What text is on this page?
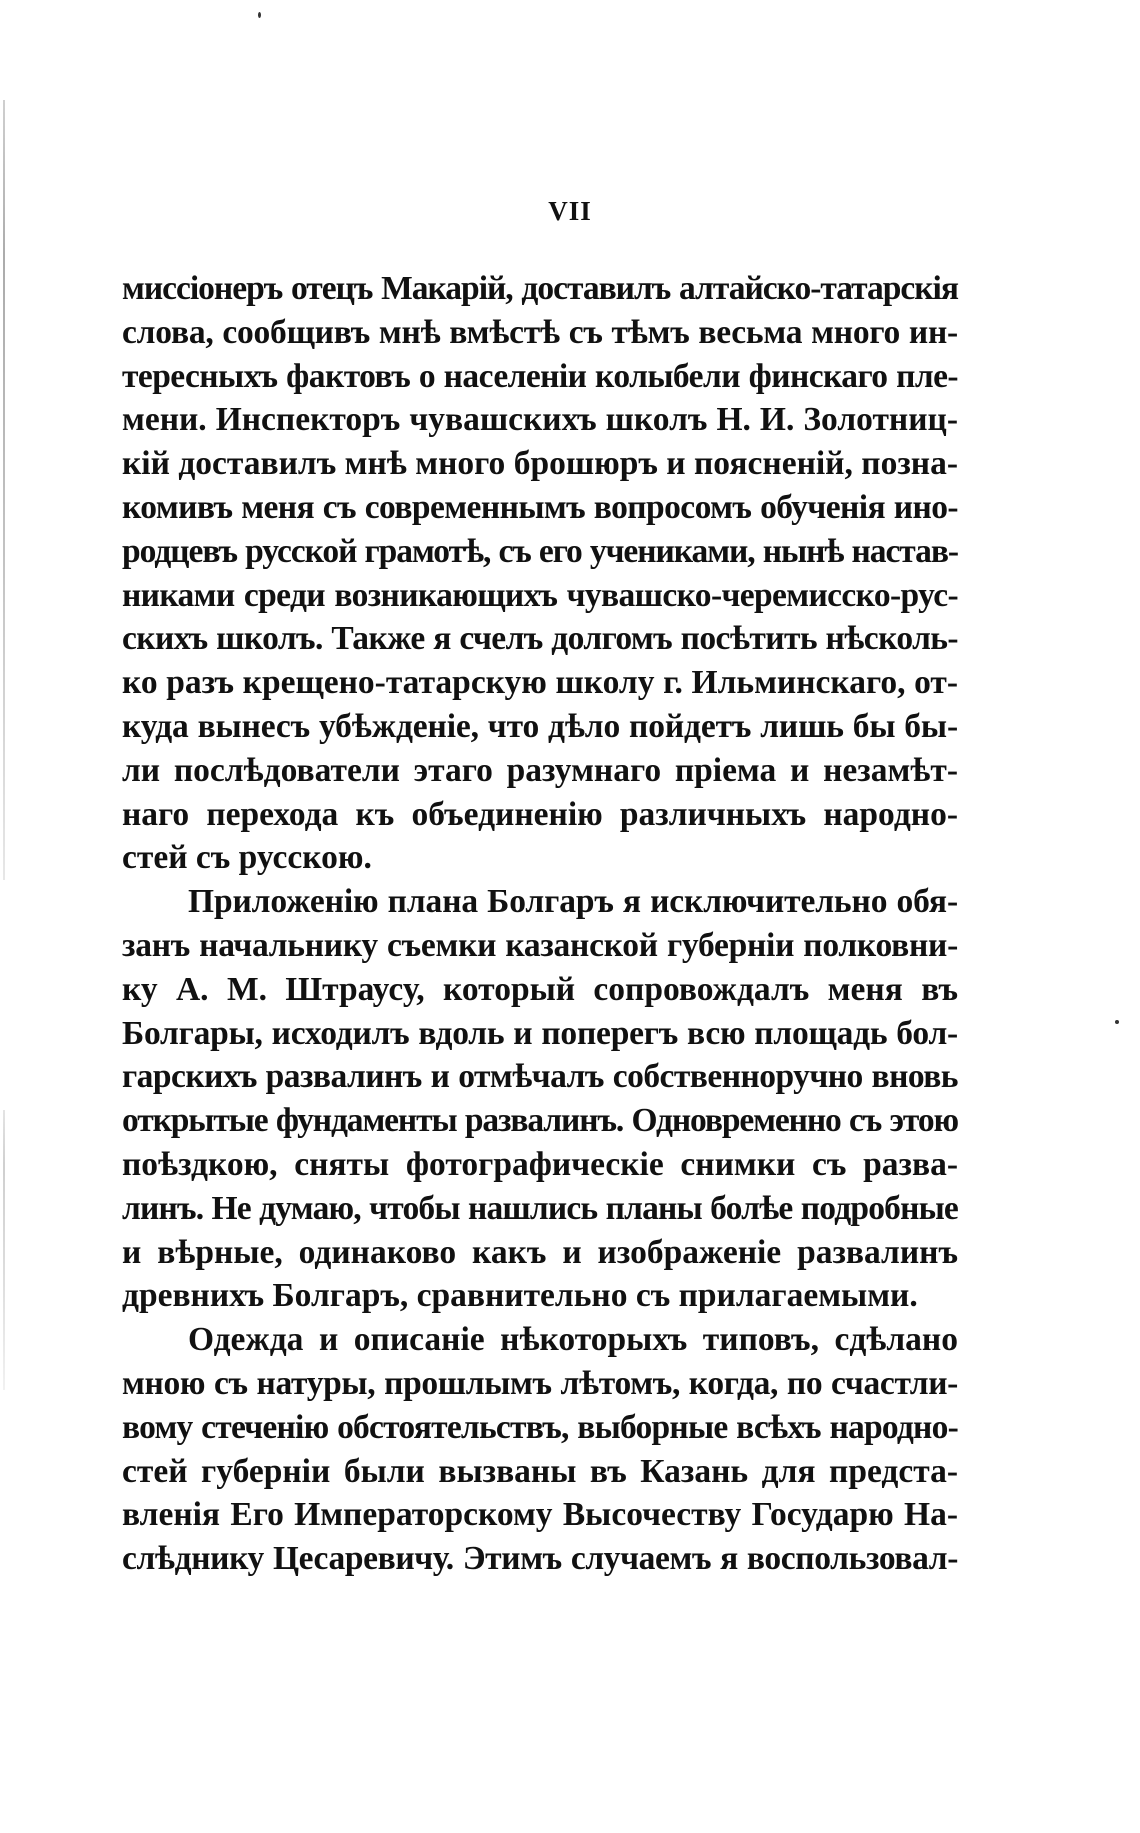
VII
миссіонеръ отецъ Макарій, доставилъ алтайско-татарскія
слова, сообщивъ мнѣ вмѣстѣ съ тѣмъ весьма много ин-
тересныхъ фактовъ о населеніи колыбели финскаго пле-
мени. Инспекторъ чувашскихъ школъ Н. И. Золотниц-
кій доставилъ мнѣ много брошюръ и поясненій, позна-
комивъ меня съ современнымъ вопросомъ обученія ино-
родцевъ русской грамотѣ, съ его учениками, нынѣ настав-
никами среди возникающихъ чувашско-черемисско-рус-
скихъ школъ. Также я счелъ долгомъ посѣтить нѣсколь-
ко разъ крещено-татарскую школу г. Ильминскаго, от-
куда вынесъ убѣжденіе, что дѣло пойдетъ лишь бы бы-
ли послѣдователи этаго разумнаго пріема и незамѣт-
наго перехода къ объединенію различныхъ народно-
стей съ русскою.
Приложенію плана Болгаръ я исключительно обя-
занъ начальнику съемки казанской губерніи полковни-
ку А. М. Штраусу, который сопровождалъ меня въ
Болгары, исходилъ вдоль и поперегъ всю площадь бол-
гарскихъ развалинъ и отмѣчалъ собственноручно вновь
открытые фундаменты развалинъ. Одновременно съ этою
поѣздкою, сняты фотографическіе снимки съ разва-
линъ. Не думаю, чтобы нашлись планы болѣе подробные
и вѣрные, одинаково какъ и изображеніе развалинъ
древнихъ Болгаръ, сравнительно съ прилагаемыми.
Одежда и описаніе нѣкоторыхъ типовъ, сдѣлано
мною съ натуры, прошлымъ лѣтомъ, когда, по счастли-
вому стеченію обстоятельствъ, выборные всѣхъ народно-
стей губерніи были вызваны въ Казань для предста-
вленія Его Императорскому Высочеству Государю На-
слѣднику Цесаревичу. Этимъ случаемъ я воспользовал-
